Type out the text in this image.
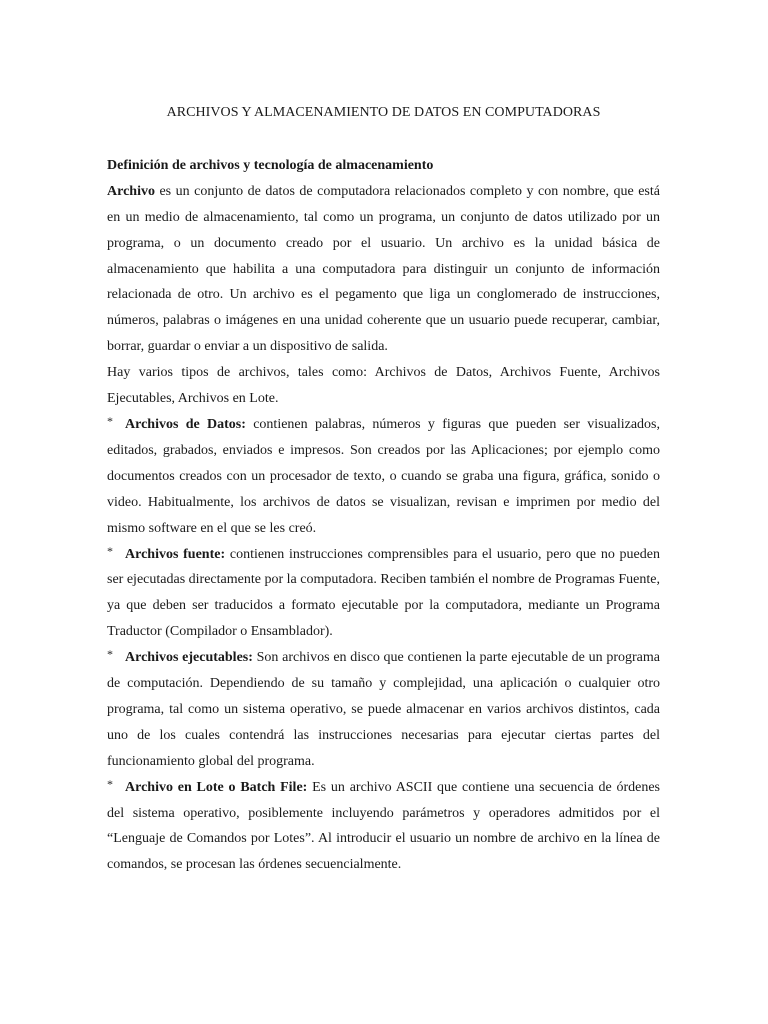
ARCHIVOS Y ALMACENAMIENTO DE DATOS EN COMPUTADORAS
Definición de archivos y tecnología de almacenamiento

Archivo es un conjunto de datos de computadora relacionados completo y con nombre, que está en un medio de almacenamiento, tal como un programa, un conjunto de datos utilizado por un programa, o un documento creado por el usuario. Un archivo es la unidad básica de almacenamiento que habilita a una computadora para distinguir un conjunto de información relacionada de otro. Un archivo es el pegamento que liga un conglomerado de instrucciones, números, palabras o imágenes en una unidad coherente que un usuario puede recuperar, cambiar, borrar, guardar o enviar a un dispositivo de salida.

Hay varios tipos de archivos, tales como: Archivos de Datos, Archivos Fuente, Archivos Ejecutables, Archivos en Lote.

* Archivos de Datos: contienen palabras, números y figuras que pueden ser visualizados, editados, grabados, enviados e impresos. Son creados por las Aplicaciones; por ejemplo como documentos creados con un procesador de texto, o cuando se graba una figura, gráfica, sonido o video. Habitualmente, los archivos de datos se visualizan, revisan e imprimen por medio del mismo software en el que se les creó.

* Archivos fuente: contienen instrucciones comprensibles para el usuario, pero que no pueden ser ejecutadas directamente por la computadora. Reciben también el nombre de Programas Fuente, ya que deben ser traducidos a formato ejecutable por la computadora, mediante un Programa Traductor (Compilador o Ensamblador).

* Archivos ejecutables: Son archivos en disco que contienen la parte ejecutable de un programa de computación. Dependiendo de su tamaño y complejidad, una aplicación o cualquier otro programa, tal como un sistema operativo, se puede almacenar en varios archivos distintos, cada uno de los cuales contendrá las instrucciones necesarias para ejecutar ciertas partes del funcionamiento global del programa.

* Archivo en Lote o Batch File: Es un archivo ASCII que contiene una secuencia de órdenes del sistema operativo, posiblemente incluyendo parámetros y operadores admitidos por el “Lenguaje de Comandos por Lotes”. Al introducir el usuario un nombre de archivo en la línea de comandos, se procesan las órdenes secuencialmente.
